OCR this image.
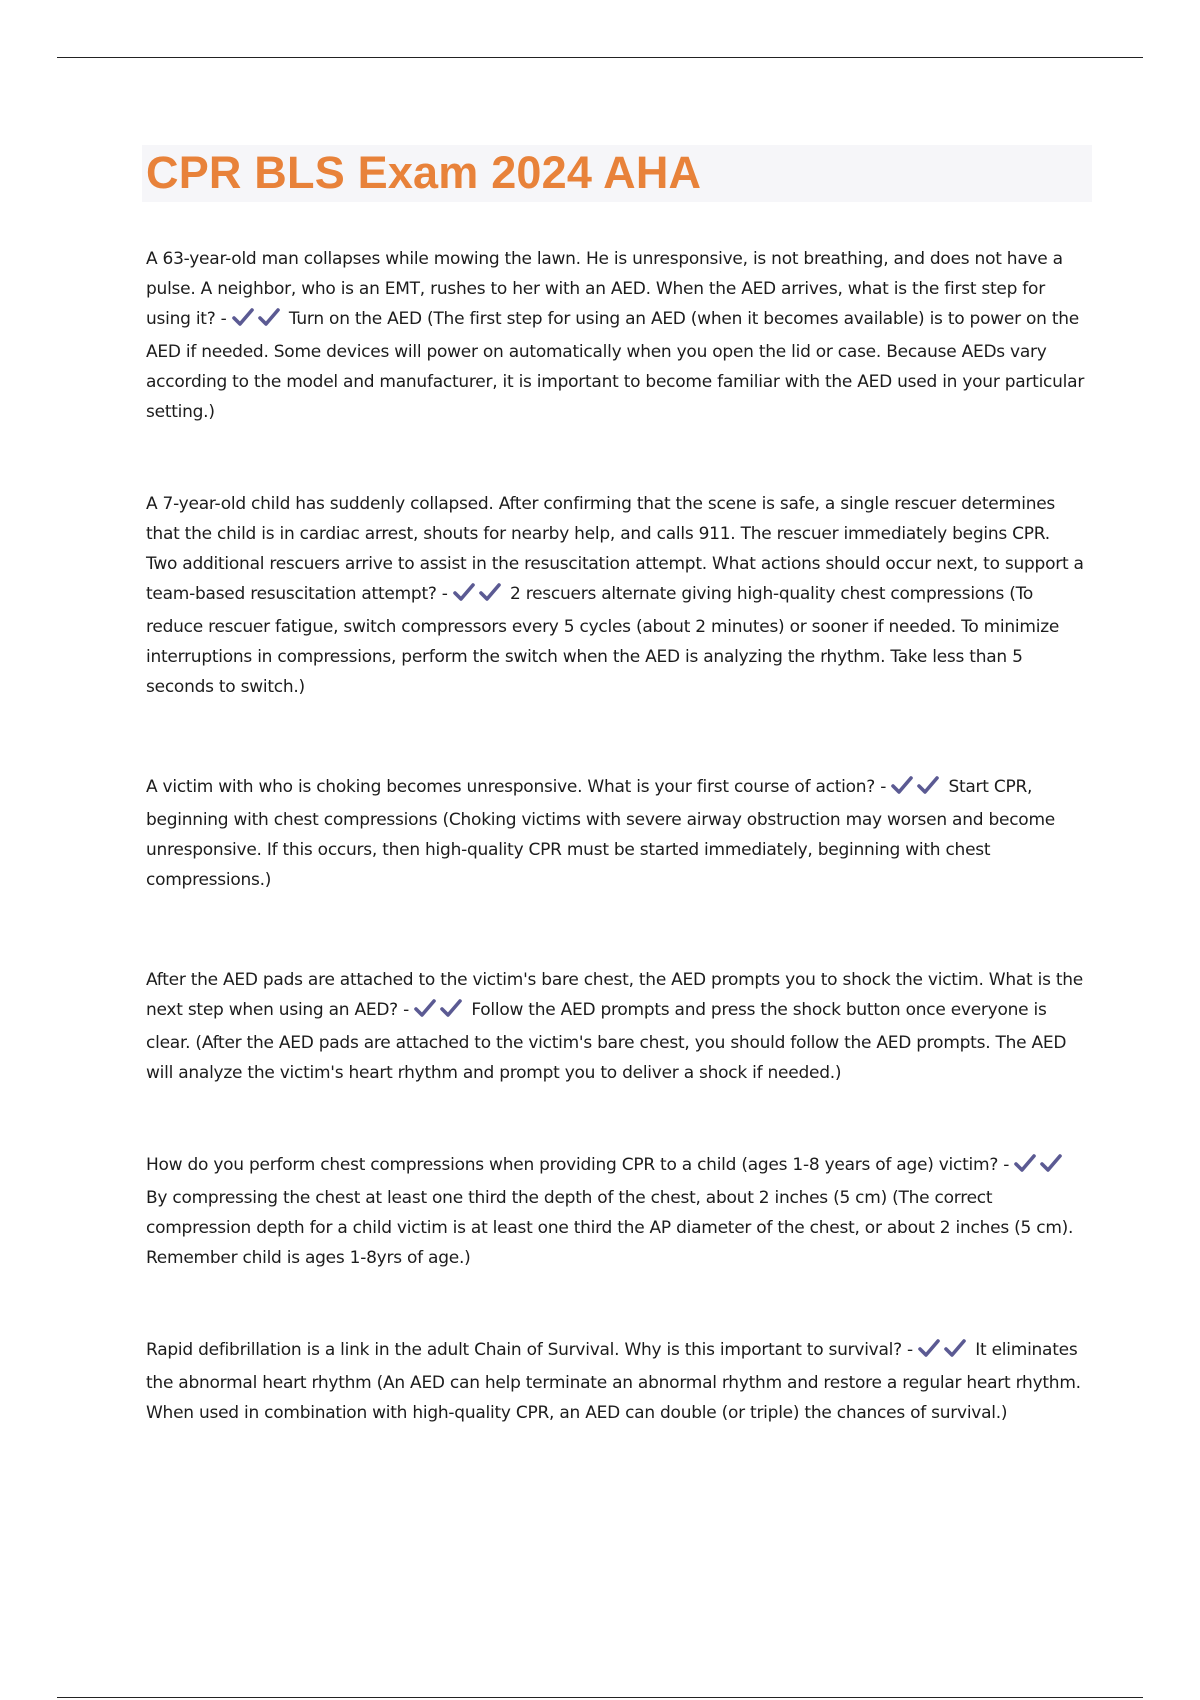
CPR BLS Exam 2024 AHA

A 63-year-old man collapses while mowing the lawn. He is unresponsive, is not breathing, and does not have a pulse. A neighbor, who is an EMT, rushes to her with an AED. When the AED arrives, what is the first step for using it? -	Turn on the AED (The first step for using an AED (when it becomes available) is to power on the AED if needed. Some devices will power on automatically when you open the lid or case. Because AEDs vary according to the model and manufacturer, it is important to become familiar with the AED used in your particular setting.)

A 7-year-old child has suddenly collapsed. After confirming that the scene is safe, a single rescuer determines that the child is in cardiac arrest, shouts for nearby help, and calls 911. The rescuer immediately begins CPR. Two additional rescuers arrive to assist in the resuscitation attempt. What actions should occur next, to support a team-based resuscitation attempt? -	2 rescuers alternate giving high-quality chest compressions (To reduce rescuer fatigue, switch compressors every 5 cycles (about 2 minutes) or sooner if needed. To minimize interruptions in compressions, perform the switch when the AED is analyzing the rhythm. Take less than 5 seconds to switch.)

A victim with who is choking becomes unresponsive. What is your first course of action? -	Start CPR, beginning with chest compressions (Choking victims with severe airway obstruction may worsen and become unresponsive. If this occurs, then high-quality CPR must be started immediately, beginning with chest compressions.)

After the AED pads are attached to the victim's bare chest, the AED prompts you to shock the victim. What is the next step when using an AED? -	Follow the AED prompts and press the shock button once everyone is clear. (After the AED pads are attached to the victim's bare chest, you should follow the AED prompts. The AED will analyze the victim's heart rhythm and prompt you to deliver a shock if needed.)

How do you perform chest compressions when providing CPR to a child (ages 1-8 years of age) victim? -  By compressing the chest at least one third the depth of the chest, about 2 inches (5 cm) (The correct compression depth for a child victim is at least one third the AP diameter of the chest, or about 2 inches (5 cm). Remember child is ages 1-8yrs of age.)

Rapid defibrillation is a link in the adult Chain of Survival. Why is this important to survival? -	It eliminates the abnormal heart rhythm (An AED can help terminate an abnormal rhythm and restore a regular heart rhythm. When used in combination with high-quality CPR, an AED can double (or triple) the chances of survival.)
